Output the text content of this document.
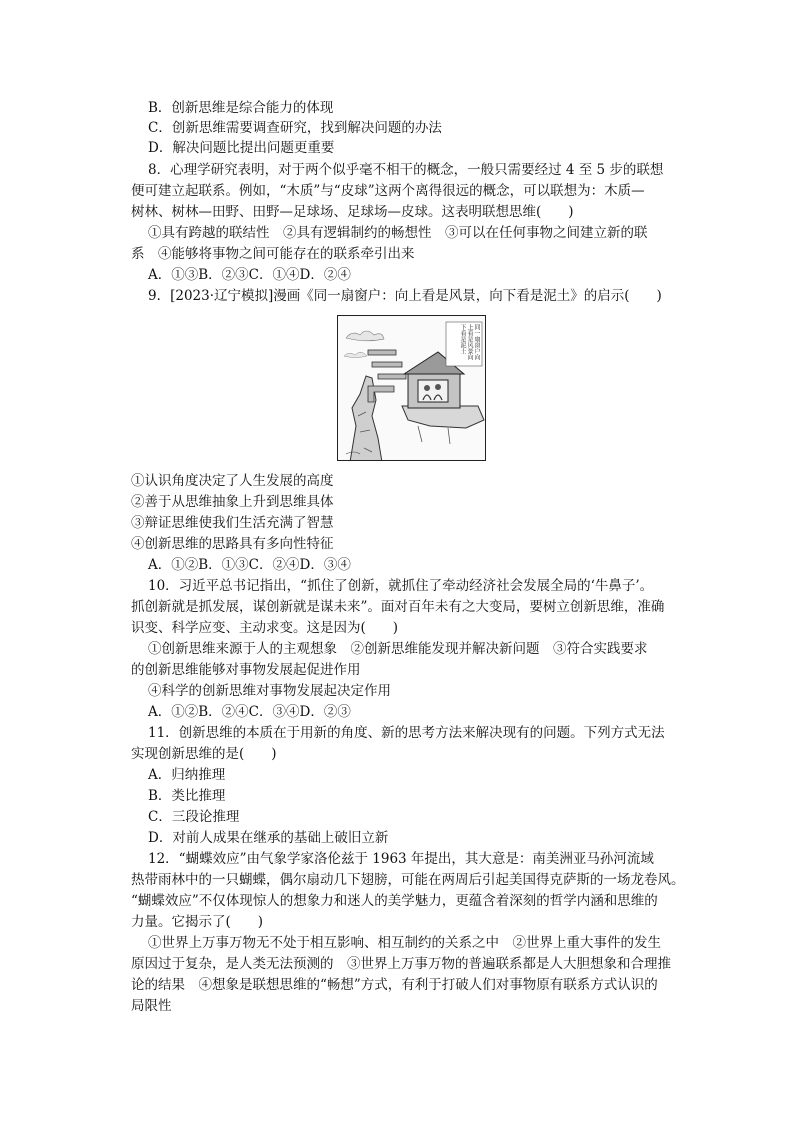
B．创新思维是综合能力的体现
C．创新思维需要调查研究，找到解决问题的办法
D．解决问题比提出问题更重要
8．心理学研究表明，对于两个似乎毫不相干的概念，一般只需要经过 4 至 5 步的联想
便可建立起联系。例如，“木质”与“皮球”这两个离得很远的概念，可以联想为：木质—
树林、树林—田野、田野—足球场、足球场—皮球。这表明联想思维(　　)
①具有跨越的联结性　②具有逻辑制约的畅想性　③可以在任何事物之间建立新的联
系　④能够将事物之间可能存在的联系牵引出来
A．①③B．②③C．①④D．②④
9．[2023·辽宁模拟]漫画《同一扇窗户：向上看是风景，向下看是泥土》的启示(　　)
同一扇窗户向上看是风景向下看是泥土
①认识角度决定了人生发展的高度
②善于从思维抽象上升到思维具体
③辩证思维使我们生活充满了智慧
④创新思维的思路具有多向性特征
A．①②B．①③C．②④D．③④
10．习近平总书记指出，“抓住了创新，就抓住了牵动经济社会发展全局的‘牛鼻子’。
抓创新就是抓发展，谋创新就是谋未来”。面对百年未有之大变局，要树立创新思维，准确
识变、科学应变、主动求变。这是因为(　　)
①创新思维来源于人的主观想象　②创新思维能发现并解决新问题　③符合实践要求
的创新思维能够对事物发展起促进作用
④科学的创新思维对事物发展起决定作用
A．①②B．②④C．③④D．②③
11．创新思维的本质在于用新的角度、新的思考方法来解决现有的问题。下列方式无法
实现创新思维的是(　　)
A．归纳推理
B．类比推理
C．三段论推理
D．对前人成果在继承的基础上破旧立新
12．“蝴蝶效应”由气象学家洛伦兹于 1963 年提出，其大意是：南美洲亚马孙河流域
热带雨林中的一只蝴蝶，偶尔扇动几下翅膀，可能在两周后引起美国得克萨斯的一场龙卷风。
“蝴蝶效应”不仅体现惊人的想象力和迷人的美学魅力，更蕴含着深刻的哲学内涵和思维的
力量。它揭示了(　　)
①世界上万事万物无不处于相互影响、相互制约的关系之中　②世界上重大事件的发生
原因过于复杂，是人类无法预测的　③世界上万事万物的普遍联系都是人大胆想象和合理推
论的结果　④想象是联想思维的“畅想”方式，有利于打破人们对事物原有联系方式认识的
局限性
